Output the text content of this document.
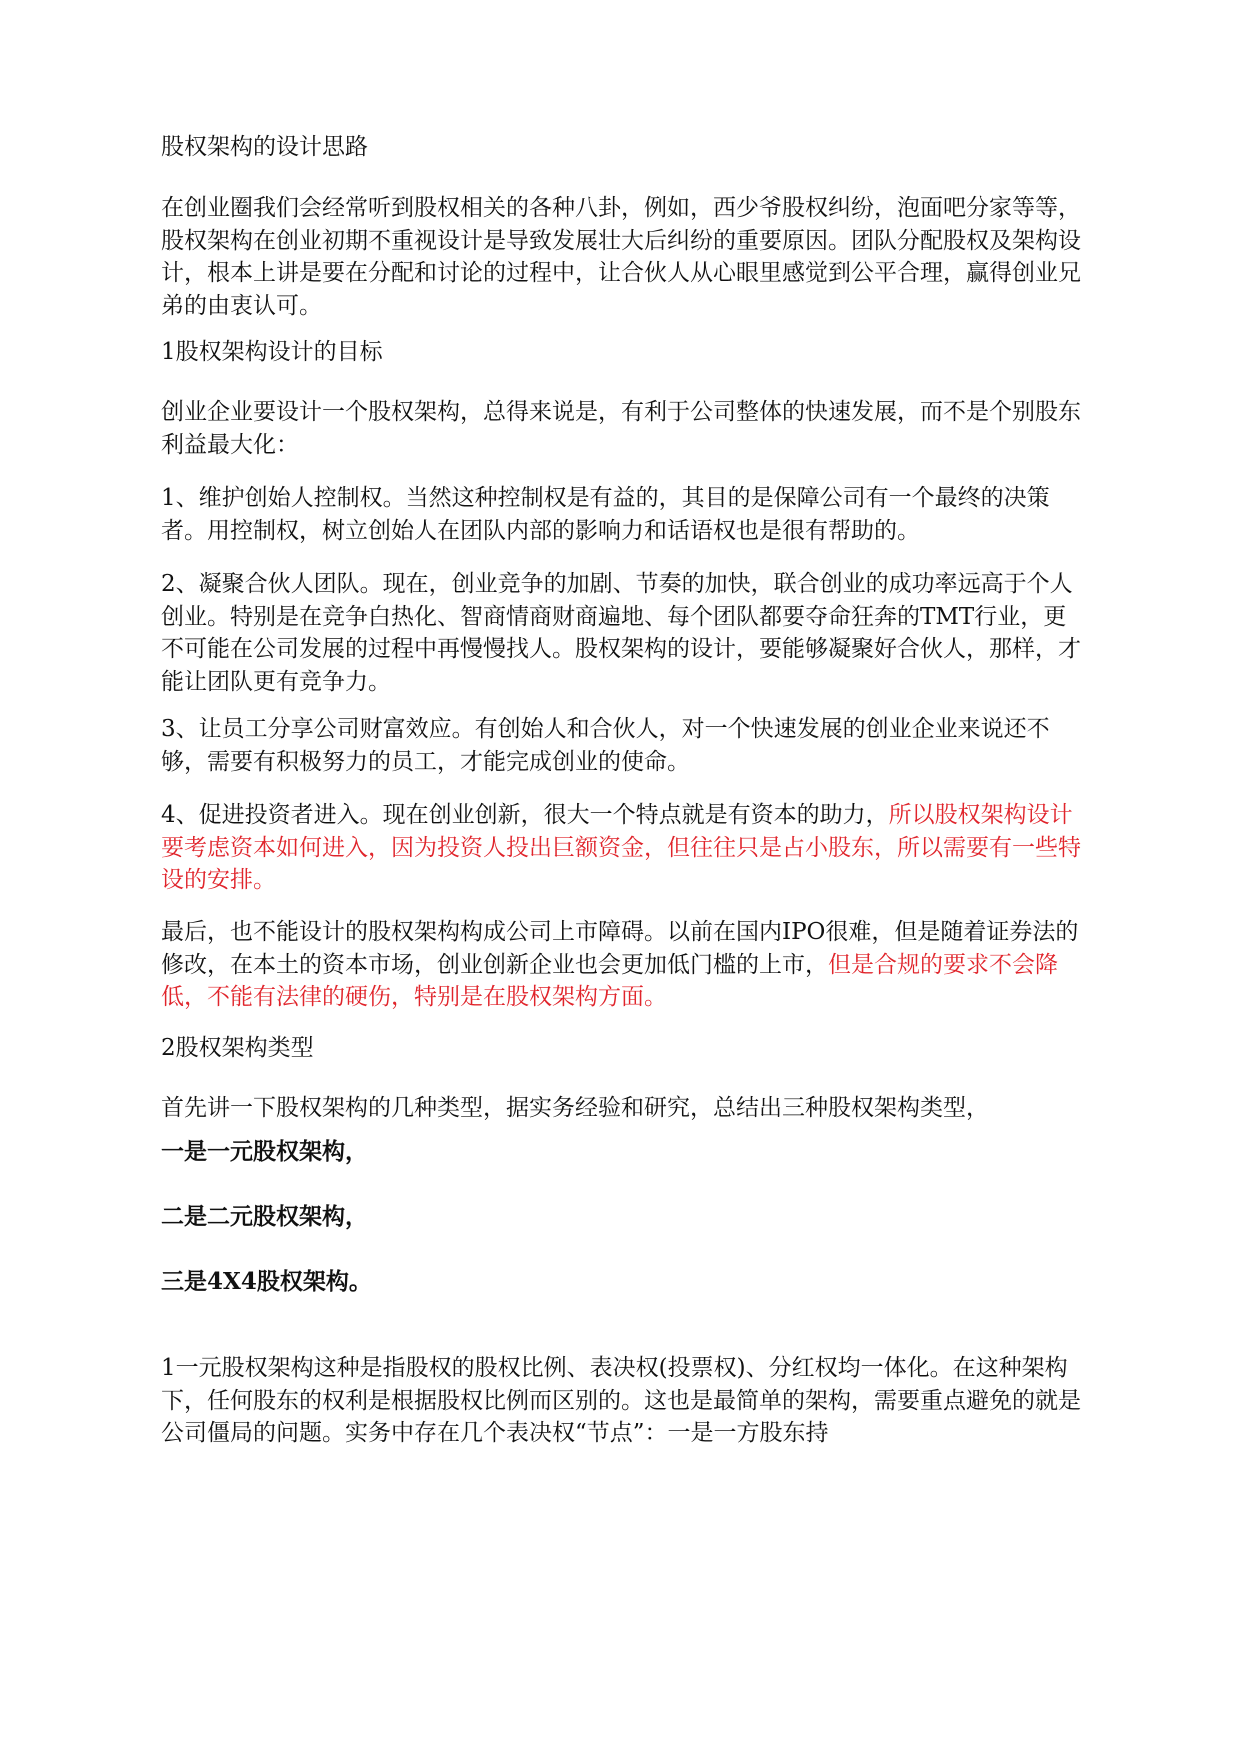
股权架构的设计思路

在创业圈我们会经常听到股权相关的各种八卦，例如，西少爷股权纠纷，泡面吧分家等等，股权架构在创业初期不重视设计是导致发展壮大后纠纷的重要原因。团队分配股权及架构设计，根本上讲是要在分配和讨论的过程中，让合伙人从心眼里感觉到公平合理，赢得创业兄弟的由衷认可。

1股权架构设计的目标

创业企业要设计一个股权架构，总得来说是，有利于公司整体的快速发展，而不是个别股东利益最大化：

1、维护创始人控制权。当然这种控制权是有益的，其目的是保障公司有一个最终的决策者。用控制权，树立创始人在团队内部的影响力和话语权也是很有帮助的。

2、凝聚合伙人团队。现在，创业竞争的加剧、节奏的加快，联合创业的成功率远高于个人创业。特别是在竞争白热化、智商情商财商遍地、每个团队都要夺命狂奔的TMT行业，更不可能在公司发展的过程中再慢慢找人。股权架构的设计，要能够凝聚好合伙人，那样，才能让团队更有竞争力。

3、让员工分享公司财富效应。有创始人和合伙人，对一个快速发展的创业企业来说还不够，需要有积极努力的员工，才能完成创业的使命。

4、促进投资者进入。现在创业创新，很大一个特点就是有资本的助力，所以股权架构设计要考虑资本如何进入，因为投资人投出巨额资金，但往往只是占小股东，所以需要有一些特设的安排。

最后，也不能设计的股权架构构成公司上市障碍。以前在国内IPO很难，但是随着证券法的修改，在本土的资本市场，创业创新企业也会更加低门槛的上市，但是合规的要求不会降低，不能有法律的硬伤，特别是在股权架构方面。

2股权架构类型

首先讲一下股权架构的几种类型，据实务经验和研究，总结出三种股权架构类型，

一是一元股权架构，

二是二元股权架构，

三是4X4股权架构。

1一元股权架构这种是指股权的股权比例、表决权(投票权)、分红权均一体化。在这种架构下，任何股东的权利是根据股权比例而区别的。这也是最简单的架构，需要重点避免的就是公司僵局的问题。实务中存在几个表决权“节点”：一是一方股东持
